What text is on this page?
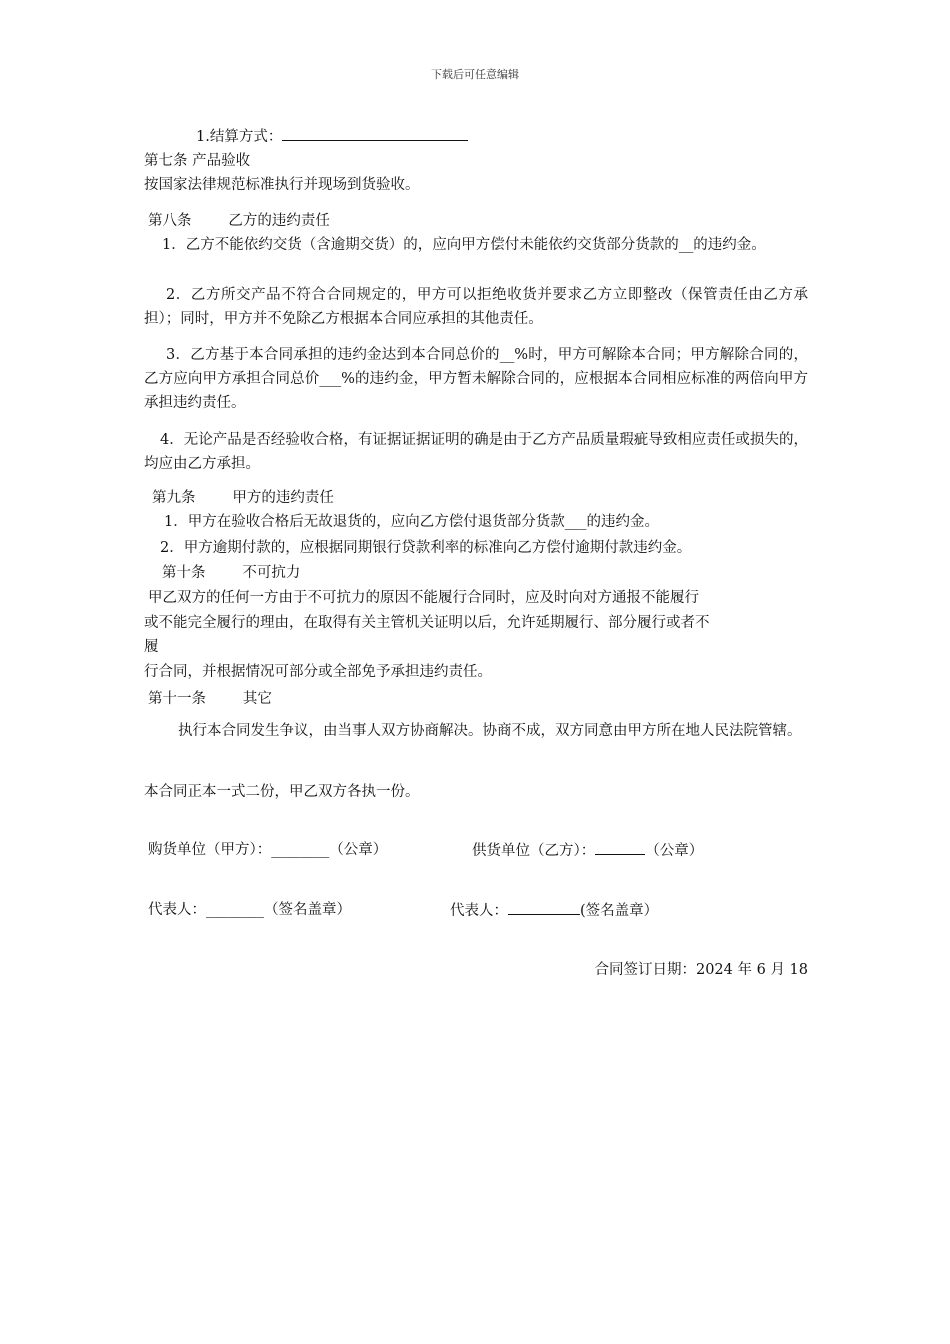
下载后可任意编辑
1.结算方式：
第七条 产品验收
按国家法律规范标准执行并现场到货验收。
第八条        乙方的违约责任
1．乙方不能依约交货（含逾期交货）的，应向甲方偿付未能依约交货部分货款的__的违约金。
2．乙方所交产品不符合合同规定的，甲方可以拒绝收货并要求乙方立即整改（保管责任由乙方承担）；同时，甲方并不免除乙方根据本合同应承担的其他责任。
3．乙方基于本合同承担的违约金达到本合同总价的__%时，甲方可解除本合同；甲方解除合同的，乙方应向甲方承担合同总价___%的违约金，甲方暂未解除合同的，应根据本合同相应标准的两倍向甲方承担违约责任。
4．无论产品是否经验收合格，有证据证据证明的确是由于乙方产品质量瑕疵导致相应责任或损失的，均应由乙方承担。
第九条        甲方的违约责任
1．甲方在验收合格后无故退货的，应向乙方偿付退货部分货款___的违约金。
2．甲方逾期付款的，应根据同期银行贷款利率的标准向乙方偿付逾期付款违约金。
第十条        不可抗力
甲乙双方的任何一方由于不可抗力的原因不能履行合同时，应及时向对方通报不能履行
或不能完全履行的理由，在取得有关主管机关证明以后，允许延期履行、部分履行或者不
履
行合同，并根据情况可部分或全部免予承担违约责任。
第十一条        其它
执行本合同发生争议，由当事人双方协商解决。协商不成，双方同意由甲方所在地人民法院管辖。
本合同正本一式二份，甲乙双方各执一份。
购货单位（甲方）：________（公章）	供货单位（乙方）：	（公章）
代表人：________（签名盖章）	代表人：	(签名盖章）
合同签订日期：2024 年 6 月 18
